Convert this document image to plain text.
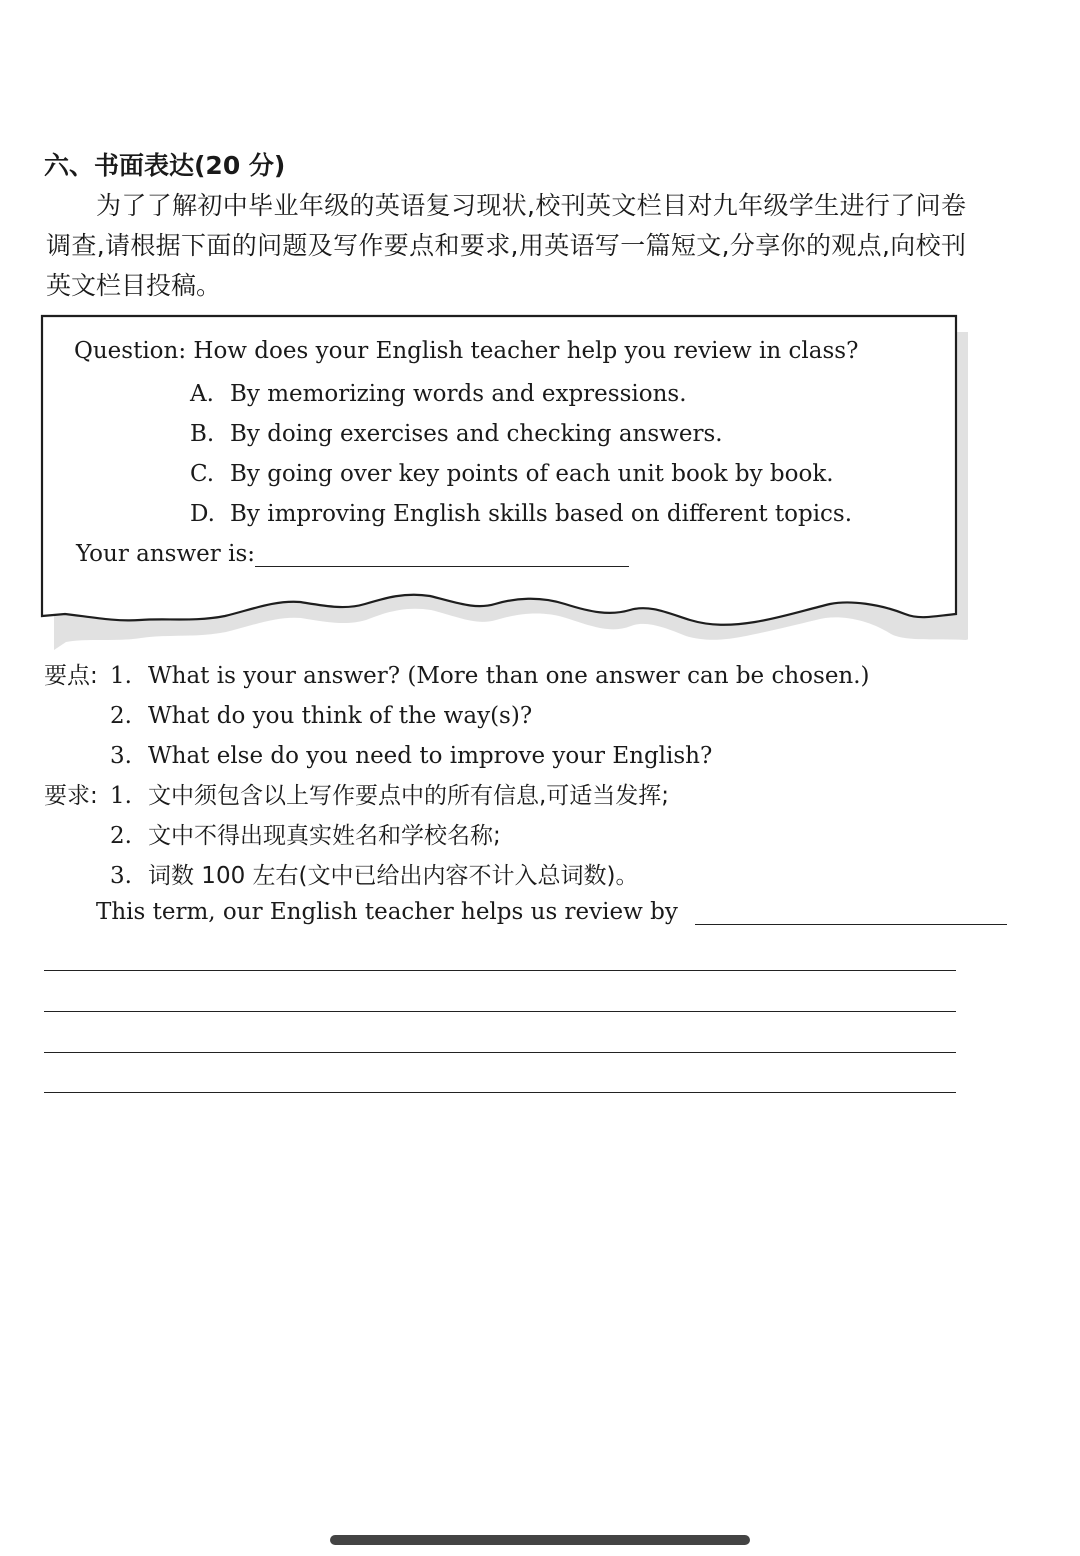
六、书面表达(20 分)

为了了解初中毕业年级的英语复习现状,校刊英文栏目对九年级学生进行了问卷调查,请根据下面的问题及写作要点和要求,用英语写一篇短文,分享你的观点,向校刊英文栏目投稿。

Question: How does your English teacher help you review in class?
A. By memorizing words and expressions.
B. By doing exercises and checking answers.
C. By going over key points of each unit book by book.
D. By improving English skills based on different topics.
Your answer is:
要点: 1. What is your answer? (More than one answer can be chosen.)
2. What do you think of the way(s)?
3. What else do you need to improve your English?
要求: 1. 文中须包含以上写作要点中的所有信息,可适当发挥;
2. 文中不得出现真实姓名和学校名称;
3. 词数 100 左右(文中已给出内容不计入总词数)。
This term, our English teacher helps us review by
